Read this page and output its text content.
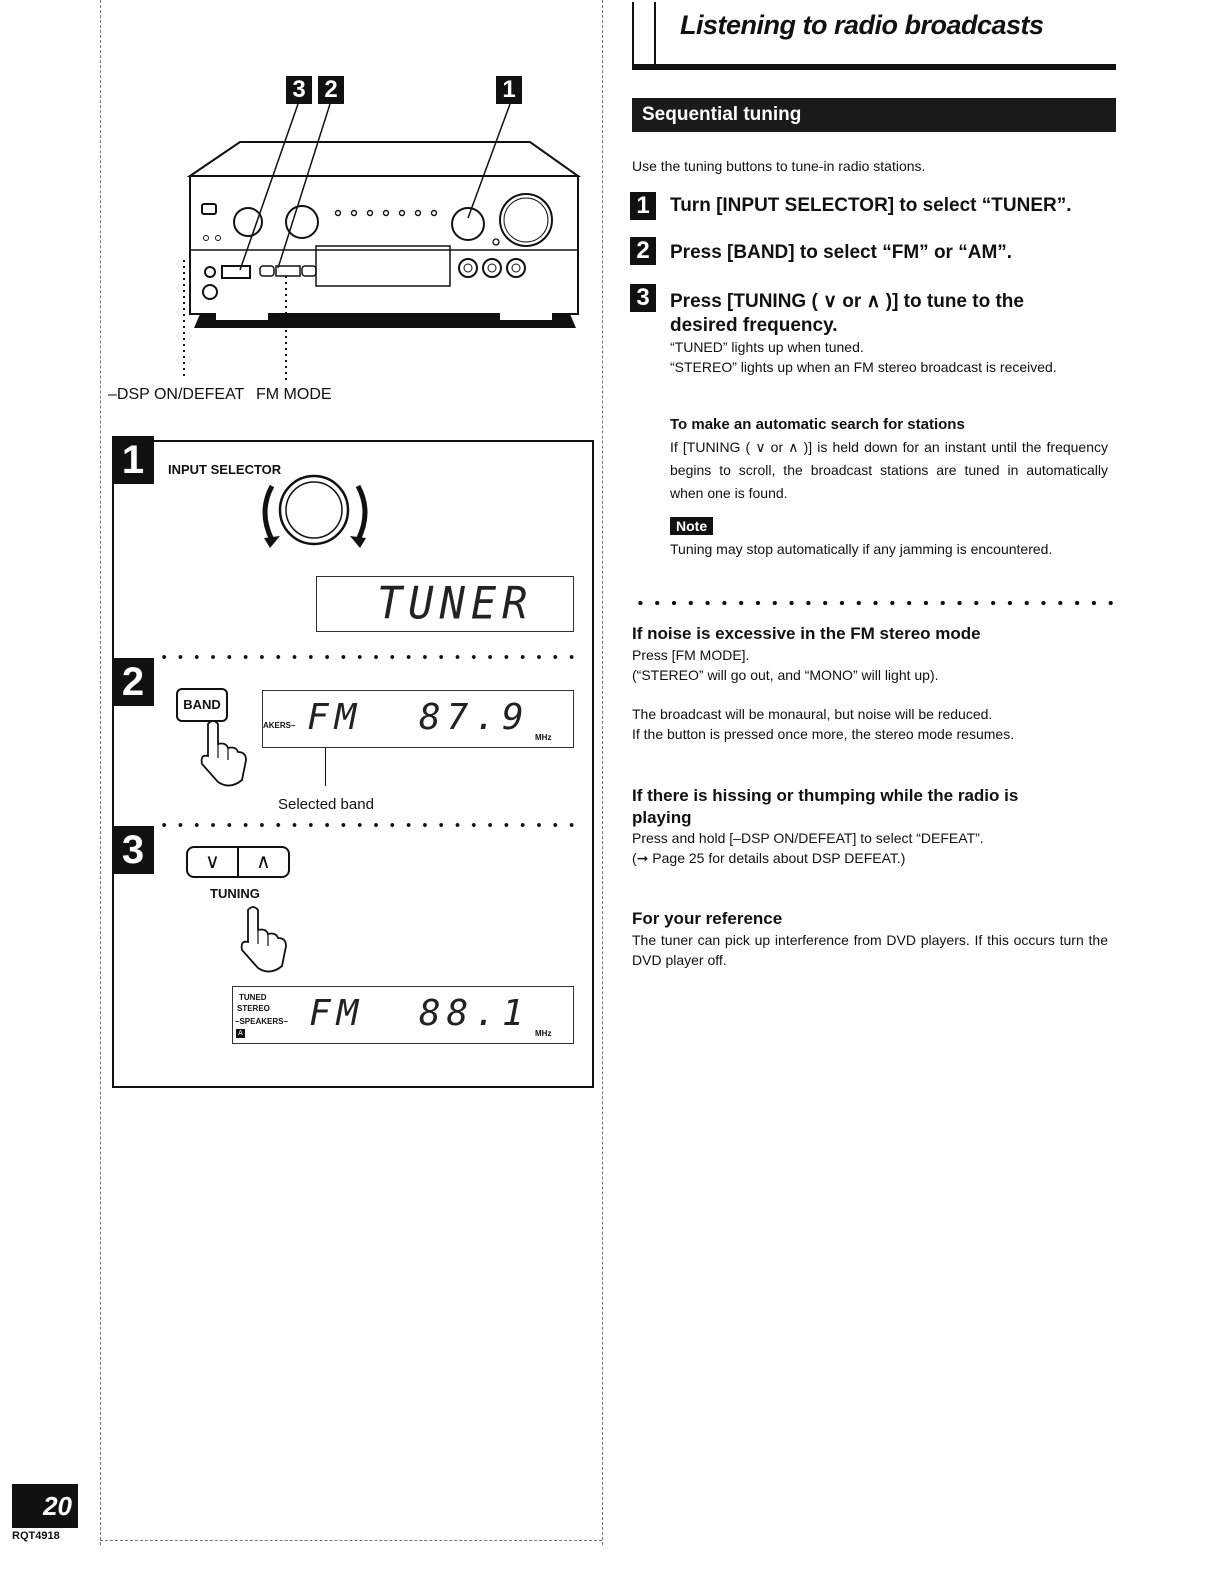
Listening to radio broadcasts
Sequential tuning
Use the tuning buttons to tune-in radio stations.
1	Turn [INPUT SELECTOR] to select “TUNER”.
2	Press [BAND] to select “FM” or “AM”.
3	Press [TUNING ( ∨ or ∧ )] to tune to the
desired frequency.
“TUNED” lights up when tuned.
“STEREO” lights up when an FM stereo broadcast is received.
To make an automatic search for stations
If [TUNING ( ∨ or ∧ )] is held down for an instant until the frequency begins to scroll, the broadcast stations are tuned in automatically when one is found.
Note
Tuning may stop automatically if any jamming is encountered.
If noise is excessive in the FM stereo mode
Press [FM MODE].
(“STEREO” will go out, and “MONO” will light up).
The broadcast will be monaural, but noise will be reduced.
If the button is pressed once more, the stereo mode resumes.
If there is hissing or thumping while the radio is
playing
Press and hold [–DSP ON/DEFEAT] to select “DEFEAT”.
(➞ Page 25 for details about DSP DEFEAT.)
For your reference
The tuner can pick up interference from DVD players. If this occurs turn the DVD player off.
3 2	1
–DSP ON/DEFEAT FM MODE
1	INPUT SELECTOR
TUNER
2
BAND
AKERS– FM 87.9 MHz
Selected band
3	∨	∧
TUNING
TUNED
STEREO
–SPEAKERS–
A FM 88.1 MHz
20
RQT4918
